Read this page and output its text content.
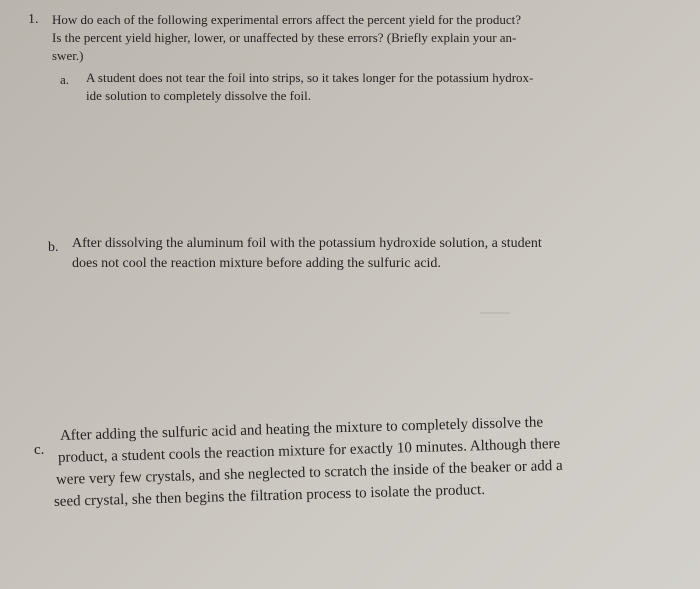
1. How do each of the following experimental errors affect the percent yield for the product?

Is the percent yield higher, lower, or unaffected by these errors? (Briefly explain your an-

swer.)

a. A student does not tear the foil into strips, so it takes longer for the potassium hydrox-

ide solution to completely dissolve the foil.

b. After dissolving the aluminum foil with the potassium hydroxide solution, a student

does not cool the reaction mixture before adding the sulfuric acid.

c.

After adding the sulfuric acid and heating the mixture to completely dissolve the

product, a student cools the reaction mixture for exactly 10 minutes. Although there

were very few crystals, and she neglected to scratch the inside of the beaker or add a

seed crystal, she then begins the filtration process to isolate the product.
